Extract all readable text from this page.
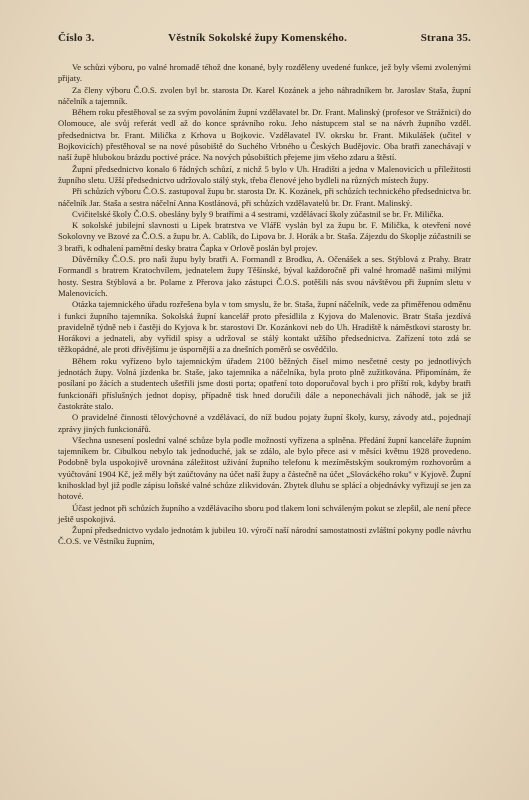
Číslo 3.	Věstník Sokolské župy Komenského.	Strana 35.

Ve schůzi výboru, po valné hromadě téhož dne konané, byly rozděleny uvedené funkce, jež byly všemi zvolenými přijaty.

Za členy výboru Č.O.S. zvolen byl br. starosta Dr. Karel Kozánek a jeho náhradníkem br. Jaroslav Staša, župní náčelník a tajemník.

Během roku přestěhoval se za svým povoláním župní vzdělavatel br. Dr. Frant. Malinský (profesor ve Strážnici) do Olomouce, ale svůj referát vedl až do konce správního roku. Jeho nástupcem stal se na návrh župního vzděl. předsednictva br. Frant. Milička z Krhova u Bojkovic. Vzdělavatel IV. okrsku br. Frant. Mikulášek (učitel v Bojkovicích) přestěhoval se na nové působiště do Suchého Vrbného u Českých Budějovic. Oba bratři zanechávají v naší župě hlubokou brázdu poctivé práce. Na nových působištích přejeme jim všeho zdaru a štěstí.

Župní předsednictvo konalo 6 řádných schůzí, z nichž 5 bylo v Uh. Hradišti a jedna v Malenovicích u příležitosti župního sletu. Užší předsednictvo udržovalo stálý styk, třeba členové jeho bydleli na různých místech župy.

Při schůzích výboru Č.O.S. zastupoval župu br. starosta Dr. K. Kozánek, při schůzích technického předsednictva br. náčelník Jar. Staša a sestra náčelní Anna Kostlánová, při schůzích vzdělavatelů br. Dr. Frant. Malinský.

Cvičitelské školy Č.O.S. obeslány byly 9 bratřími a 4 sestrami, vzdělávací školy zúčastnil se br. Fr. Milička.

K sokolské jubilejní slavnosti u Lipek bratrstva ve VlářE vyslán byl za župu br. F. Milička, k otevření nové Sokolovny ve Bzové za Č.O.S. a župu br. A. Cablík, do Lipova br. J. Horák a br. Staša. Zájezdu do Skoplje zúčastnili se 3 bratři, k odhalení pamětní desky bratra Čapka v Orlově poslán byl projev.

Důvěrníky Č.O.S. pro naši župu byly bratři A. Formandl z Brodku, A. Očenášek a ses. Stýblová z Prahy. Bratr Formandl s bratrem Kratochvílem, jednatelem župy Těšínské, býval každoročně při valné hromadě našimi milými hosty. Sestra Stýblová a br. Polame z Přerova jako zástupci Č.O.S. potěšili nás svou návštěvou při župním sletu v Malenovicích.

Otázka tajemnického úřadu rozřešena byla v tom smyslu, že br. Staša, župní náčelník, vede za přiměřenou odměnu i funkci župního tajemníka. Sokolská župní kancelář proto přesídlila z Kyjova do Malenovic. Bratr Staša jezdívá pravidelně týdně neb i častěji do Kyjova k br. starostovi Dr. Kozánkovi neb do Uh. Hradiště k náměstkovi starosty br. Horákovi a jednateli, aby vyřídil spisy a udržoval se stálý kontakt užšího předsednictva. Zařízení toto zdá se těžkopádné, ale proti dřívějšímu je úspornější a za dnešních poměrů se osvědčilo.

Během roku vyřízeno bylo tajemnickým úřadem 2100 běžných čísel mimo nesčetné cesty po jednotlivých jednotách župy. Volná jízdenka br. Staše, jako tajemníka a náčelníka, byla proto plně zužitkována. Připomínám, že posílaní po žácích a studentech ušetřili jsme dosti porta; opatření toto doporučoval bych i pro příští rok, kdyby bratři funkcionáři příslušných jednot dopisy, případně tisk hned doručili dále a neponechávali jich náhodě, jak se již častokráte stalo.

O pravidelné činnosti tělovýchovné a vzdělávací, do níž budou pojaty župní školy, kursy, závody atd., pojednají zprávy jiných funkcionářů.

Všechna usnesení poslední valné schůze byla podle možností vyřízena a splněna. Předání župní kanceláře župním tajemníkem br. Cibulkou nebylo tak jednoduché, jak se zdálo, ale bylo přece asi v měsíci květnu 1928 provedeno. Podobně byla uspokojivě urovnána záležitost uživání župního telefonu k mezíměstským soukromým rozhovorům a vyúčtování 1904 Kč, jež měly být zaúčtovány na účet naší župy a částečně na účet „Slováckého roku" v Kyjově. Župní knihosklad byl již podle zápisu loňské valné schůze zlikvidován. Zbytek dluhu se splácí a objednávky vyřizují se jen za hotové.

Účast jednot při schůzích župního a vzdělávacího sboru pod tlakem loni schváleným pokut se zlepšil, ale není přece ještě uspokojivá.

Župní předsednictvo vydalo jednotám k jubileu 10. výročí naší národní samostatnosti zvláštní pokyny podle návrhu Č.O.S. ve Věstníku župním,
